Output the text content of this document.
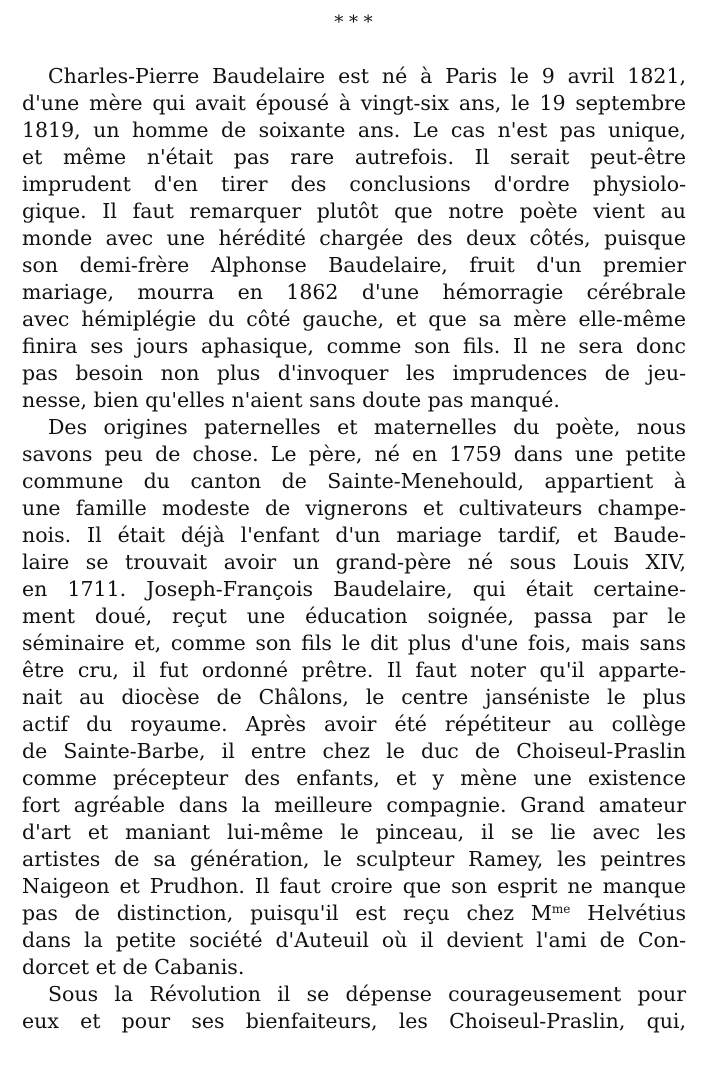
* * *
Charles-Pierre Baudelaire est né à Paris le 9 avril 1821,
d'une mère qui avait épousé à vingt-six ans, le 19 septembre
1819, un homme de soixante ans. Le cas n'est pas unique,
et même n'était pas rare autrefois. Il serait peut-être
imprudent d'en tirer des conclusions d'ordre physiolo-
gique. Il faut remarquer plutôt que notre poète vient au
monde avec une hérédité chargée des deux côtés, puisque
son demi-frère Alphonse Baudelaire, fruit d'un premier
mariage, mourra en 1862 d'une hémorragie cérébrale
avec hémiplégie du côté gauche, et que sa mère elle-même
finira ses jours aphasique, comme son fils. Il ne sera donc
pas besoin non plus d'invoquer les imprudences de jeu-
nesse, bien qu'elles n'aient sans doute pas manqué.
Des origines paternelles et maternelles du poète, nous
savons peu de chose. Le père, né en 1759 dans une petite
commune du canton de Sainte-Menehould, appartient à
une famille modeste de vignerons et cultivateurs champe-
nois. Il était déjà l'enfant d'un mariage tardif, et Baude-
laire se trouvait avoir un grand-père né sous Louis XIV,
en 1711. Joseph-François Baudelaire, qui était certaine-
ment doué, reçut une éducation soignée, passa par le
séminaire et, comme son fils le dit plus d'une fois, mais sans
être cru, il fut ordonné prêtre. Il faut noter qu'il apparte-
nait au diocèse de Châlons, le centre janséniste le plus
actif du royaume. Après avoir été répétiteur au collège
de Sainte-Barbe, il entre chez le duc de Choiseul-Praslin
comme précepteur des enfants, et y mène une existence
fort agréable dans la meilleure compagnie. Grand amateur
d'art et maniant lui-même le pinceau, il se lie avec les
artistes de sa génération, le sculpteur Ramey, les peintres
Naigeon et Prudhon. Il faut croire que son esprit ne manque
pas de distinction, puisqu'il est reçu chez $M^{me}$ Helvétius
dans la petite société d'Auteuil où il devient l'ami de Con-
dorcet et de Cabanis.
Sous la Révolution il se dépense courageusement pour
eux et pour ses bienfaiteurs, les Choiseul-Praslin, qui,
